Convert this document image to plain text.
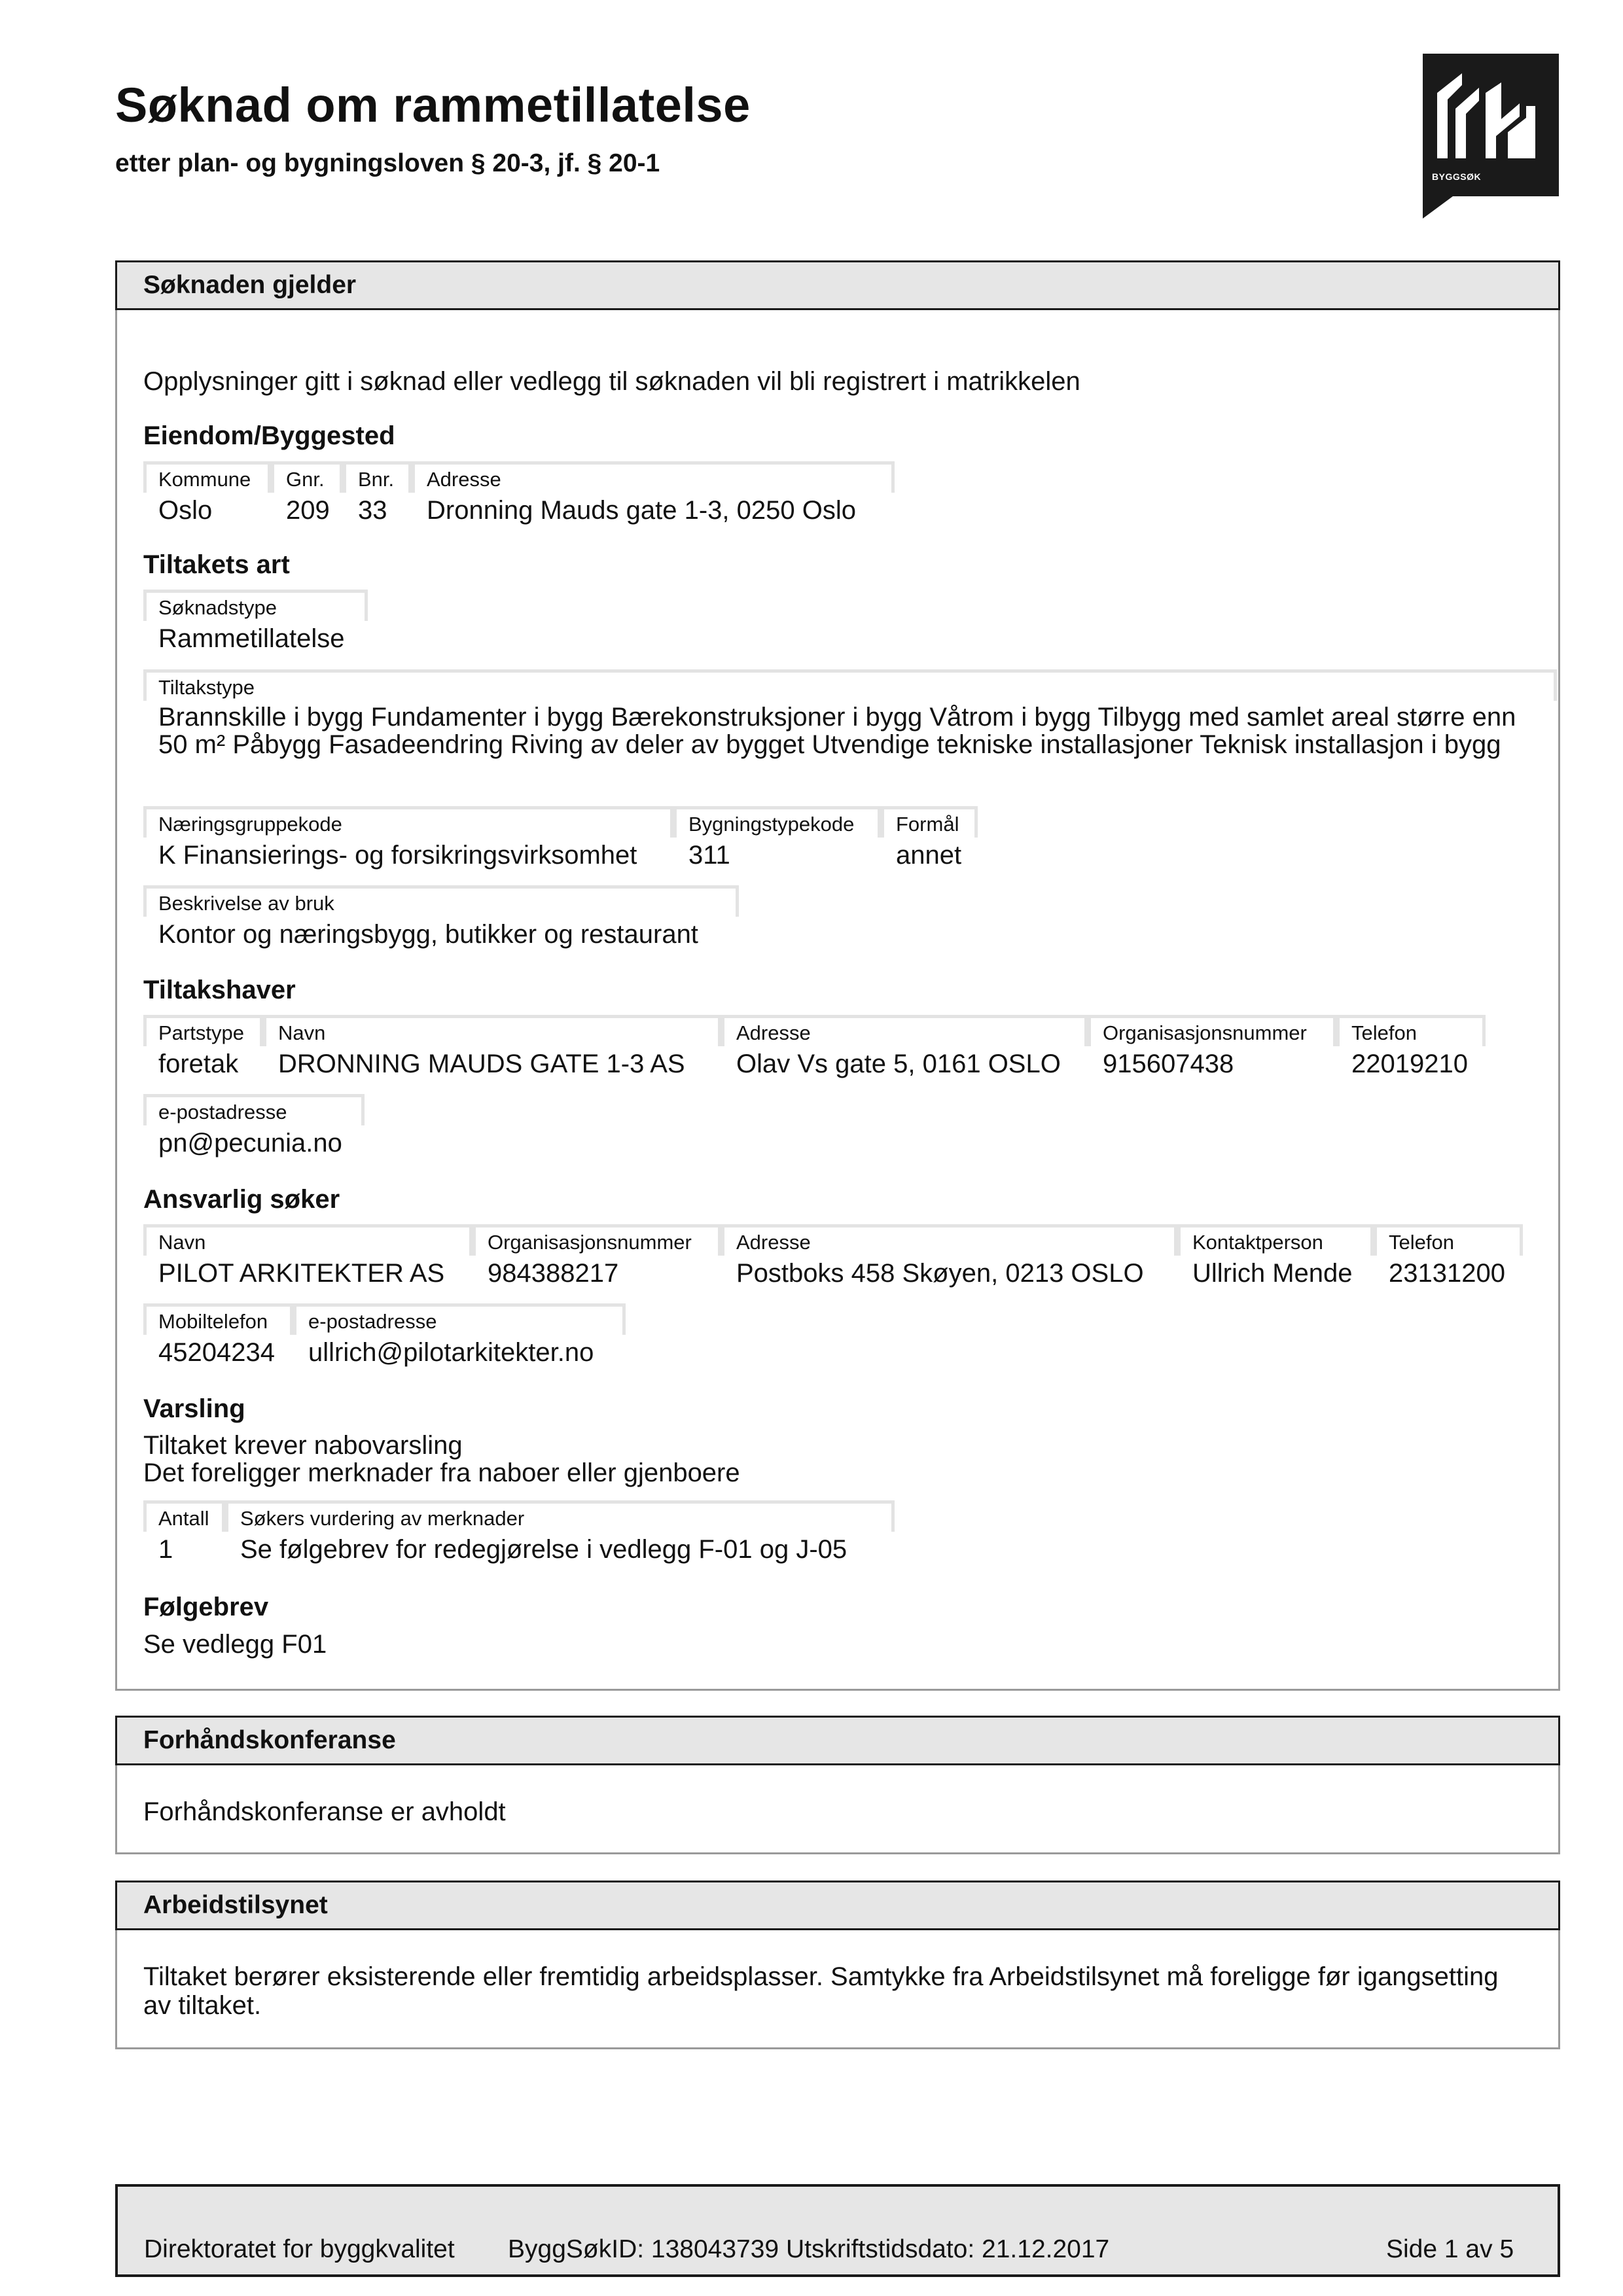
Søknad om rammetillatelse
etter plan- og bygningsloven § 20-3, jf. § 20-1	BYGGSØK
Søknaden gjelder
Opplysninger gitt i søknad eller vedlegg til søknaden vil bli registrert i matrikkelen
Eiendom/Byggested
Kommune
Oslo
Gnr.
209
Bnr.
33
Adresse
Dronning Mauds gate 1-3, 0250 Oslo
Tiltakets art
Søknadstype
Rammetillatelse
Tiltakstype
Brannskille i bygg Fundamenter i bygg Bærekonstruksjoner i bygg Våtrom i bygg Tilbygg med samlet areal større enn 50 m² Påbygg Fasadeendring Riving av deler av bygget Utvendige tekniske installasjoner Teknisk installasjon i bygg
Næringsgruppekode
K Finansierings- og forsikringsvirksomhet
Bygningstypekode
311
Formål
annet
Beskrivelse av bruk
Kontor og næringsbygg, butikker og restaurant
Tiltakshaver
Partstype
foretak
Navn
DRONNING MAUDS GATE 1-3 AS
Adresse
Olav Vs gate 5, 0161 OSLO
Organisasjonsnummer
915607438
Telefon
22019210
e-postadresse
pn@pecunia.no
Ansvarlig søker
Navn
PILOT ARKITEKTER AS
Organisasjonsnummer
984388217
Adresse
Postboks 458 Skøyen, 0213 OSLO
Kontaktperson
Ullrich Mende
Telefon
23131200
Mobiltelefon
45204234
e-postadresse
ullrich@pilotarkitekter.no
Varsling
Tiltaket krever nabovarsling
Det foreligger merknader fra naboer eller gjenboere
Antall
1
Søkers vurdering av merknader
Se følgebrev for redegjørelse i vedlegg F-01 og J-05
Følgebrev
Se vedlegg F01
Forhåndskonferanse
Forhåndskonferanse er avholdt
Arbeidstilsynet
Tiltaket berører eksisterende eller fremtidig arbeidsplasser. Samtykke fra Arbeidstilsynet må foreligge før igangsetting av tiltaket.
Direktoratet for byggkvalitet ByggSøkID: 138043739 Utskriftstidsdato: 21.12.2017	Side 1 av 5
